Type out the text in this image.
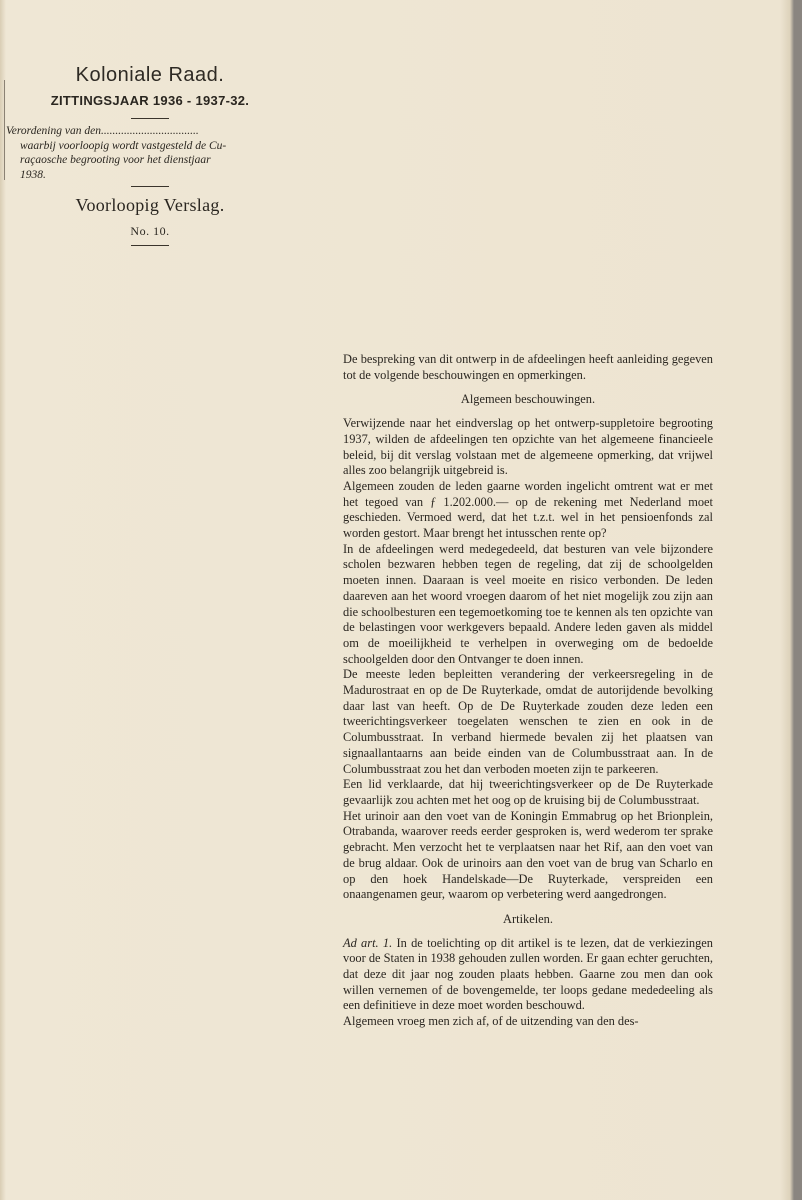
Koloniale Raad.
ZITTINGSJAAR 1936 - 1937-32.
Verordening van den..................................
waarbij voorloopig wordt vastgesteld de Cu-
raçaosche begrooting voor het dienstjaar
1938.
Voorloopig Verslag.
No. 10.

De bespreking van dit ontwerp in de afdeelingen heeft aanleiding gegeven tot de volgende beschouwingen en opmerkingen.

Algemeen beschouwingen.

Verwijzende naar het eindverslag op het ontwerp-suppletoire begrooting 1937, wilden de afdeelingen ten opzichte van het algemeene financieele beleid, bij dit verslag volstaan met de algemeene opmerking, dat vrijwel alles zoo belangrijk uitgebreid is.

Algemeen zouden de leden gaarne worden ingelicht omtrent wat er met het tegoed van ƒ 1.202.000.— op de rekening met Nederland moet geschieden. Vermoed werd, dat het t.z.t. wel in het pensioenfonds zal worden gestort. Maar brengt het intusschen rente op?

In de afdeelingen werd medegedeeld, dat besturen van vele bijzondere scholen bezwaren hebben tegen de regeling, dat zij de schoolgelden moeten innen. Daaraan is veel moeite en risico verbonden. De leden daareven aan het woord vroegen daarom of het niet mogelijk zou zijn aan die schoolbesturen een tegemoetkoming toe te kennen als ten opzichte van de belastingen voor werkgevers bepaald. Andere leden gaven als middel om de moeilijkheid te verhelpen in overweging om de bedoelde schoolgelden door den Ontvanger te doen innen.

De meeste leden bepleitten verandering der verkeersregeling in de Madurostraat en op de De Ruyterkade, omdat de autorijdende bevolking daar last van heeft. Op de De Ruyterkade zouden deze leden een tweerichtingsverkeer toegelaten wenschen te zien en ook in de Columbusstraat. In verband hiermede bevalen zij het plaatsen van signaallantaarns aan beide einden van de Columbusstraat aan. In de Columbusstraat zou het dan verboden moeten zijn te parkeeren.

Een lid verklaarde, dat hij tweerichtingsverkeer op de De Ruyterkade gevaarlijk zou achten met het oog op de kruising bij de Columbusstraat.

Het urinoir aan den voet van de Koningin Emmabrug op het Brionplein, Otrabanda, waarover reeds eerder gesproken is, werd wederom ter sprake gebracht. Men verzocht het te verplaatsen naar het Rif, aan den voet van de brug aldaar. Ook de urinoirs aan den voet van de brug van Scharlo en op den hoek Handelskade—De Ruyterkade, verspreiden een onaangenamen geur, waarom op verbetering werd aangedrongen.

Artikelen.

Ad art. 1. In de toelichting op dit artikel is te lezen, dat de verkiezingen voor de Staten in 1938 gehouden zullen worden. Er gaan echter geruchten, dat deze dit jaar nog zouden plaats hebben. Gaarne zou men dan ook willen vernemen of de bovengemelde, ter loops gedane mededeeling als een definitieve in deze moet worden beschouwd.

Algemeen vroeg men zich af, of de uitzending van den des-
